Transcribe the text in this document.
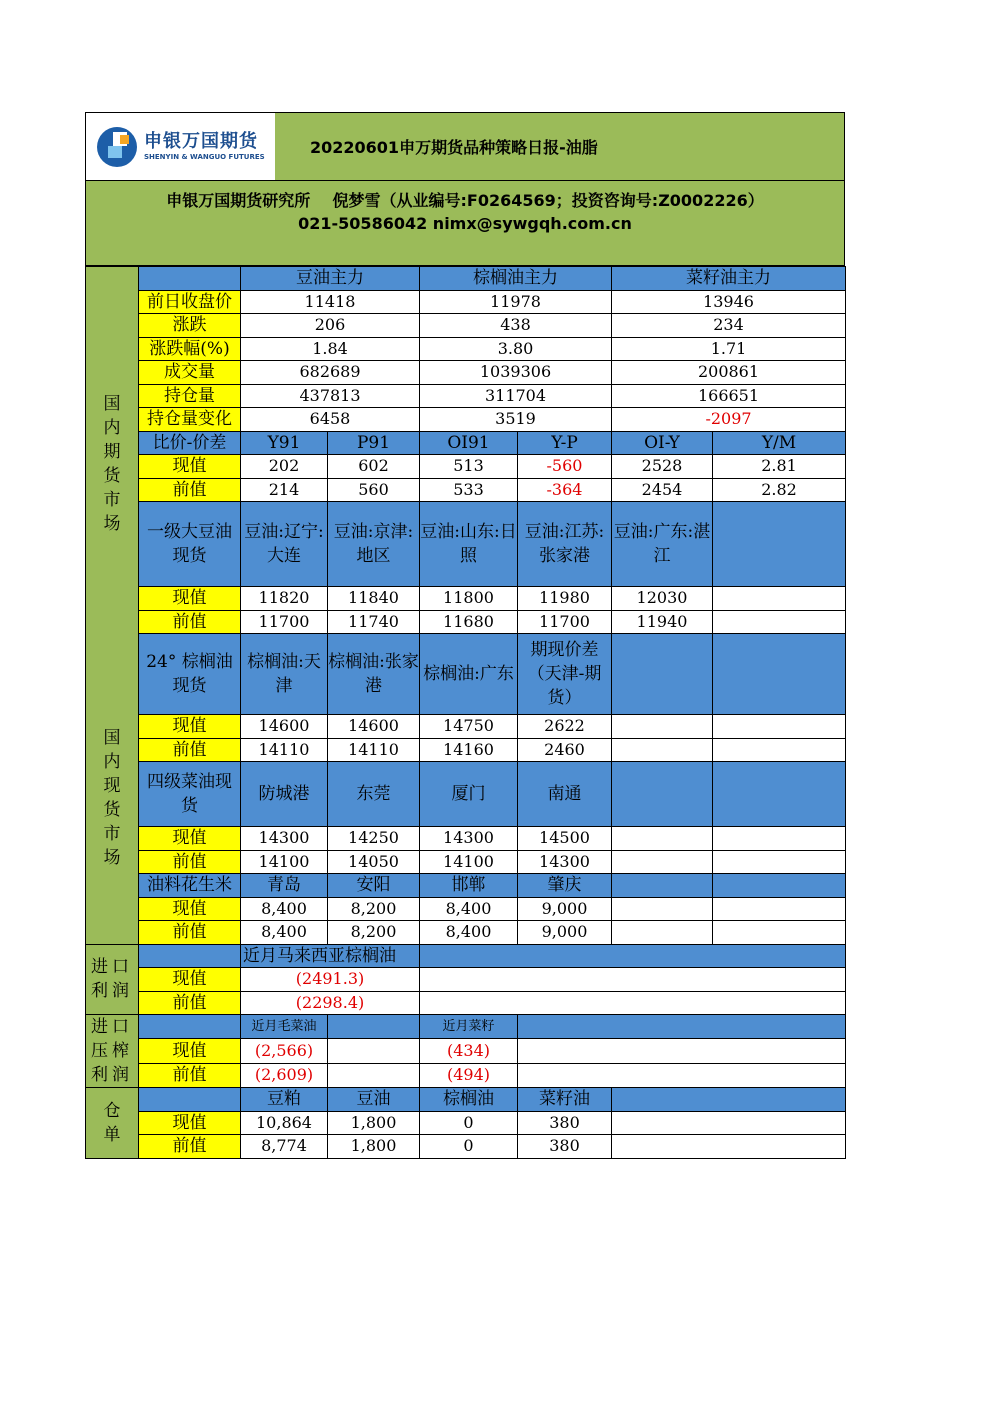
申银万国期货
SHENYIN & WANGUO FUTURES	20220601申万期货品种策略日报-油脂
申银万国期货研究所    倪梦雪（从业编号:F0264569；投资咨询号:Z0002226）
021-50586042 nimx@sywgqh.com.cn
国内期货市场
国内现货市场		豆油主力		棕榈油主力		菜籽油主力	
	前日收盘价	11418		11978		13946	
	涨跌	206		438		234	
	涨跌幅(%)	1.84		3.80		1.71	
	成交量	682689		1039306		200861	
	持仓量	437813		311704		166651	
	持仓量变化	6458		3519		-2097	
	比价-价差	Y91	P91	OI91	Y-P	OI-Y	Y/M
	现值	202	602	513	-560	2528	2.81
	前值	214	560	533	-364	2454	2.82
	一级大豆油现货	豆油:辽宁:大连	豆油:京津:地区	豆油:山东:日照	豆油:江苏:张家港	豆油:广东:湛江	
	现值	11820	11840	11800	11980	12030	
	前值	11700	11740	11680	11700	11940	
	24° 棕榈油现货	棕榈油:天津	棕榈油:张家港	棕榈油:广东	期现价差（天津-期货）		
	现值	14600	14600	14750	2622		
	前值	14110	14110	14160	2460		
	四级菜油现货	防城港	东莞	厦门	南通		
	现值	14300	14250	14300	14500		
	前值	14100	14050	14100	14300		
	油料花生米	青岛	安阳	邯郸	肇庆		
	现值	8,400	8,200	8,400	9,000		
	前值	8,400	8,200	8,400	9,000		
进口利润		近月马来西亚棕榈油				
	现值	(2491.3)				
	前值	(2298.4)				

进口压榨利润		近月毛菜油		近月菜籽		
	现值	(2,566)		(434)		
	前值	(2,609)		(494)		

仓单		豆粕	豆油	棕榈油	菜籽油	
	现值	10,864	1,800	0	380	
	前值	8,774	1,800	0	380	
